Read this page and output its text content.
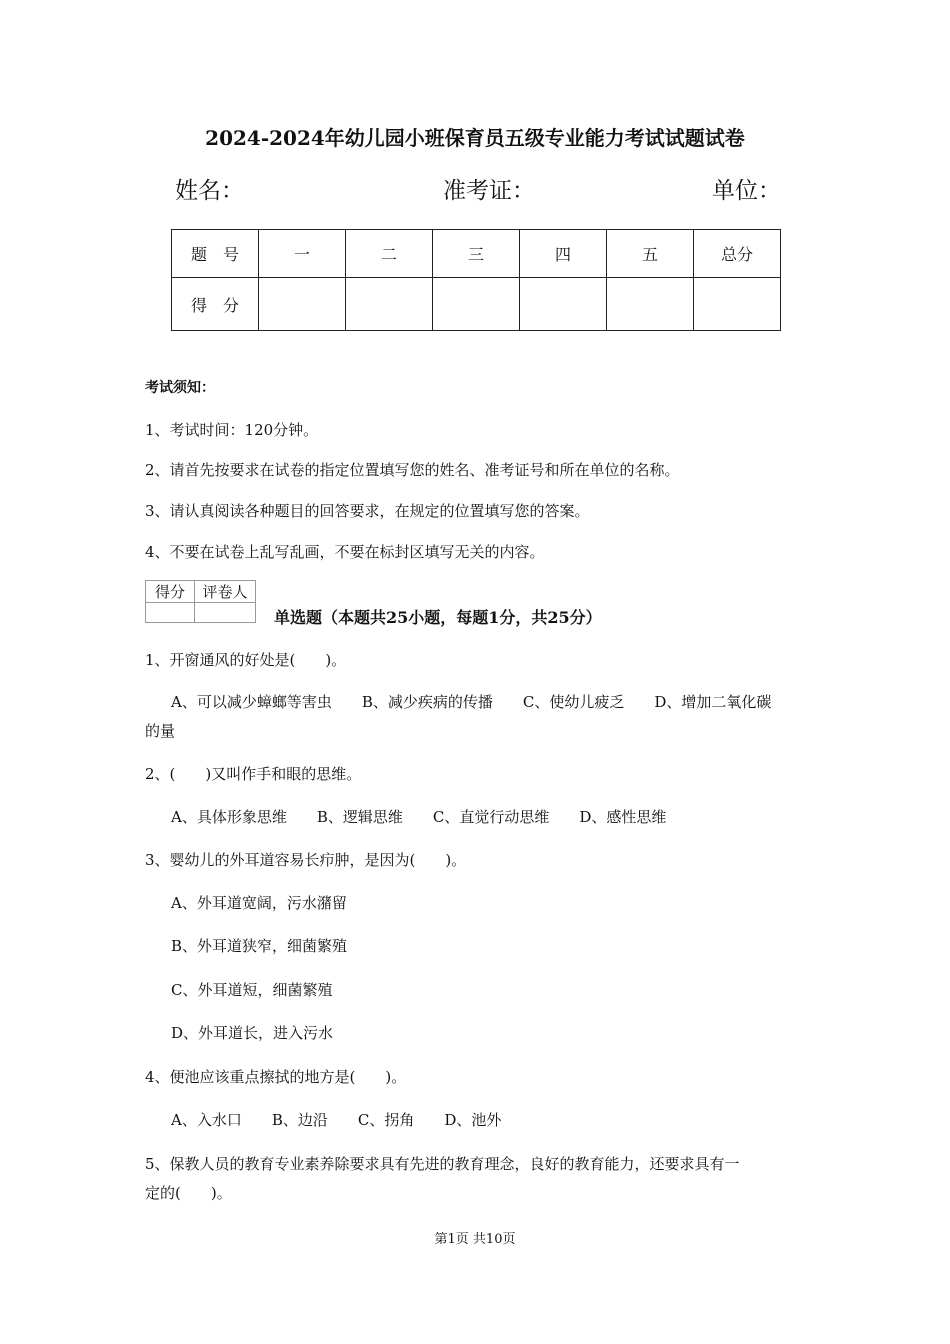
2024-2024年幼儿园小班保育员五级专业能力考试试题试卷
姓名：	准考证：	单位：
题　号	一	二	三	四	五	总分
得　分						
考试须知：
1、考试时间：120分钟。
2、请首先按要求在试卷的指定位置填写您的姓名、准考证号和所在单位的名称。
3、请认真阅读各种题目的回答要求，在规定的位置填写您的答案。
4、不要在试卷上乱写乱画，不要在标封区填写无关的内容。
得分	评卷人

单选题（本题共25小题，每题1分，共25分）
1、开窗通风的好处是(　　)。
A、可以减少蟑螂等害虫　　B、减少疾病的传播　　C、使幼儿疲乏　　D、增加二氧化碳
的量
2、(　　)又叫作手和眼的思维。
A、具体形象思维　　B、逻辑思维　　C、直觉行动思维　　D、感性思维
3、婴幼儿的外耳道容易长疖肿，是因为(　　)。
A、外耳道宽阔，污水潴留
B、外耳道狭窄，细菌繁殖
C、外耳道短，细菌繁殖
D、外耳道长，进入污水
4、便池应该重点擦拭的地方是(　　)。
A、入水口　　B、边沿　　C、拐角　　D、池外
5、保教人员的教育专业素养除要求具有先进的教育理念，良好的教育能力，还要求具有一
定的(　　)。
第1页 共10页
